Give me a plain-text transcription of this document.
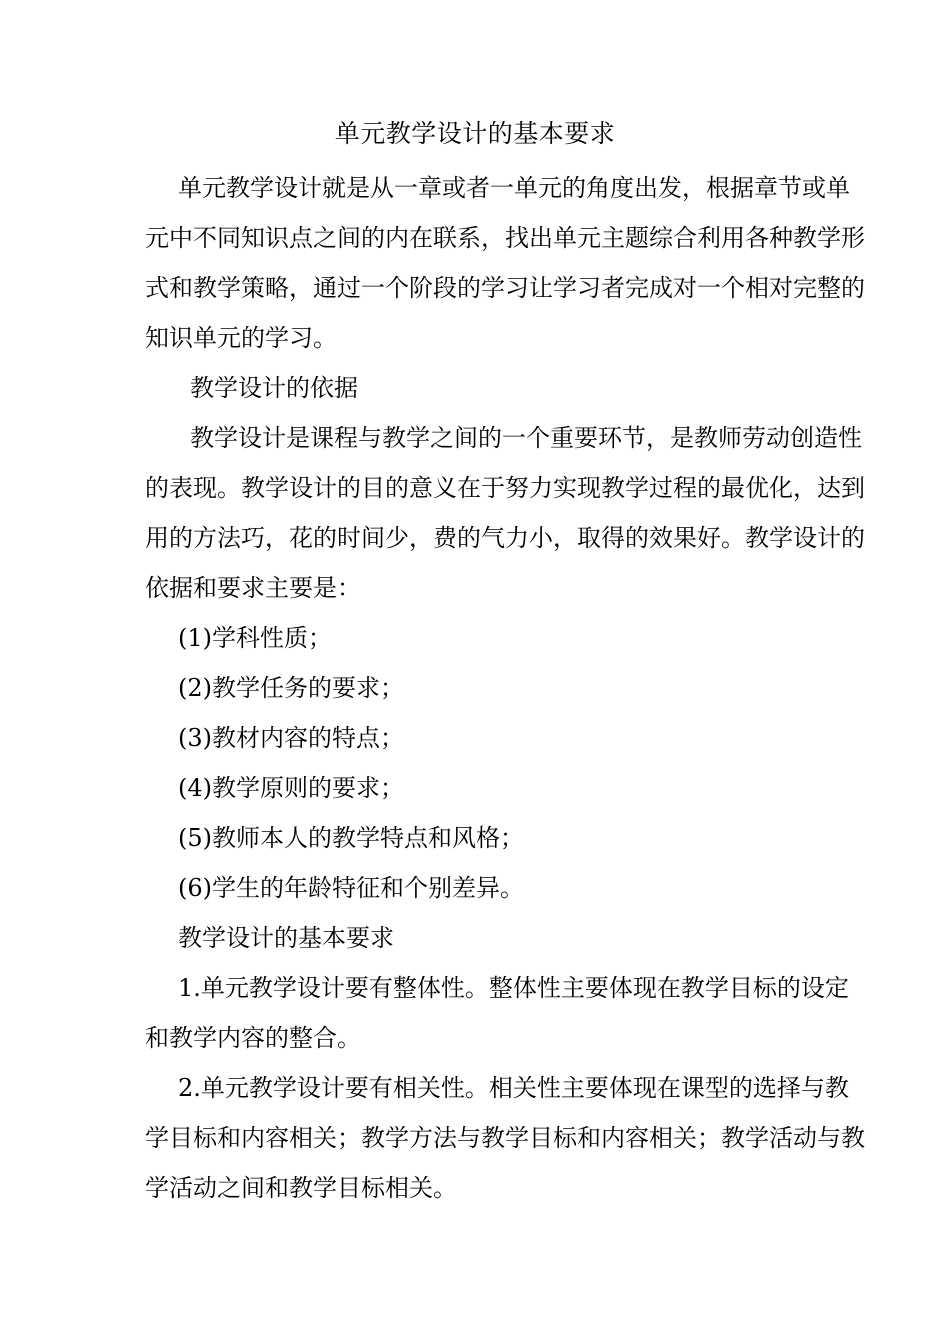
单元教学设计的基本要求
单元教学设计就是从一章或者一单元的角度出发，根据章节或单
元中不同知识点之间的内在联系，找出单元主题综合利用各种教学形
式和教学策略，通过一个阶段的学习让学习者完成对一个相对完整的
知识单元的学习。
教学设计的依据
教学设计是课程与教学之间的一个重要环节，是教师劳动创造性
的表现。教学设计的目的意义在于努力实现教学过程的最优化，达到
用的方法巧，花的时间少，费的气力小，取得的效果好。教学设计的
依据和要求主要是：
(1)学科性质；
(2)教学任务的要求；
(3)教材内容的特点；
(4)教学原则的要求；
(5)教师本人的教学特点和风格；
(6)学生的年龄特征和个别差异。
教学设计的基本要求
1.单元教学设计要有整体性。整体性主要体现在教学目标的设定
和教学内容的整合。
2.单元教学设计要有相关性。相关性主要体现在课型的选择与教
学目标和内容相关；教学方法与教学目标和内容相关；教学活动与教
学活动之间和教学目标相关。
